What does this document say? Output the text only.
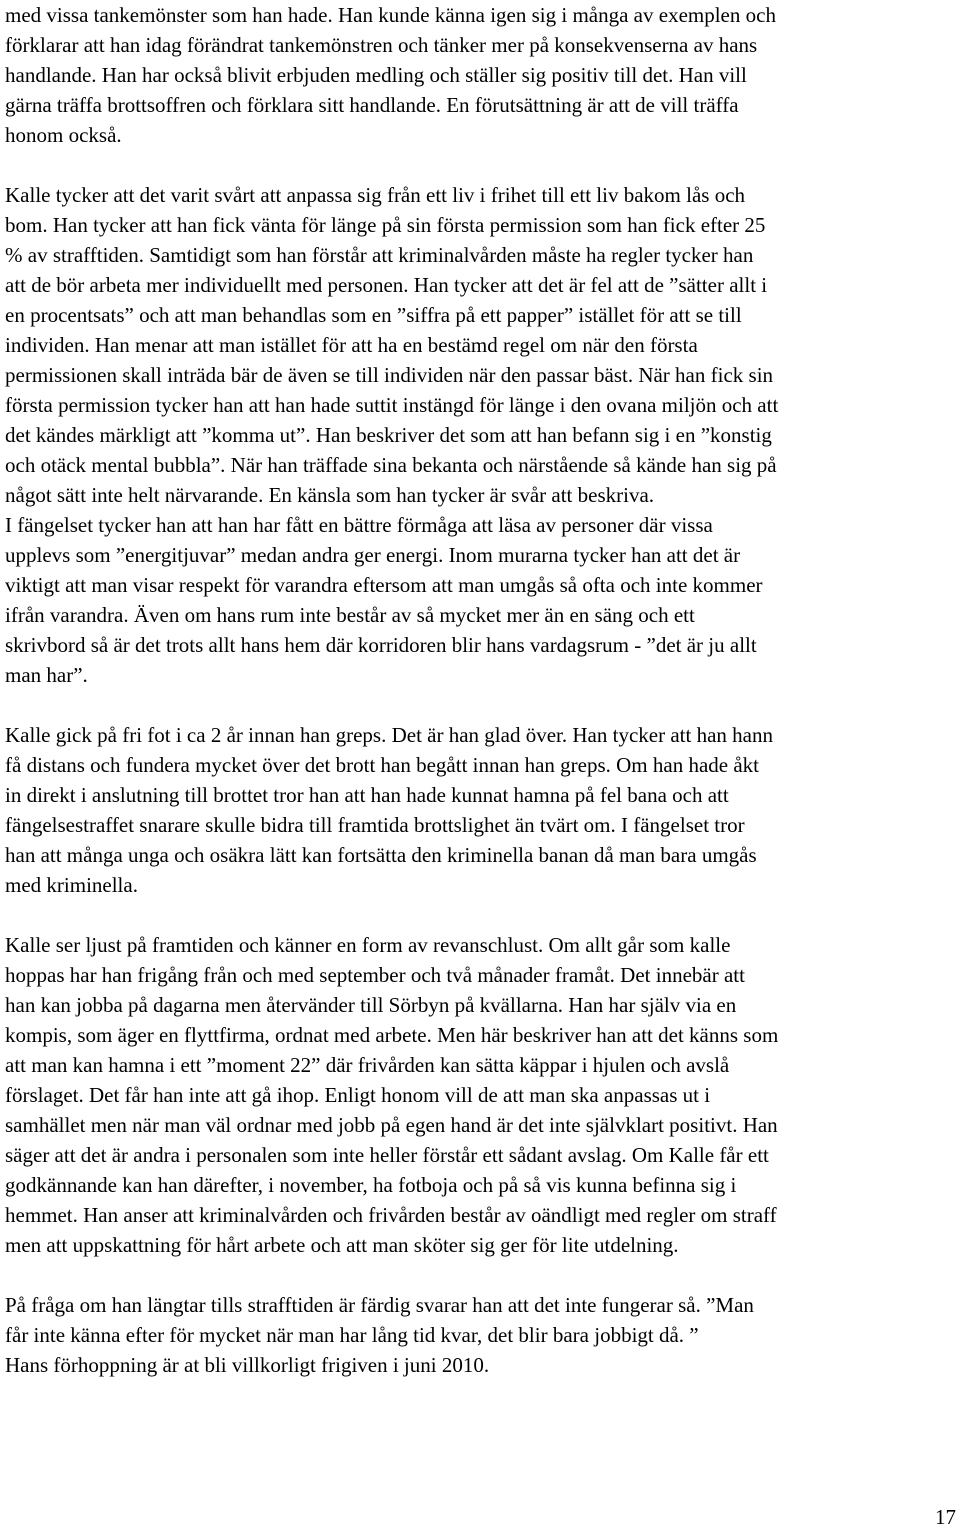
med vissa tankemönster som han hade. Han kunde känna igen sig i många av exemplen och
förklarar att han idag förändrat tankemönstren och tänker mer på konsekvenserna av hans
handlande. Han har också blivit erbjuden medling och ställer sig positiv till det. Han vill
gärna träffa brottsoffren och förklara sitt handlande. En förutsättning är att de vill träffa
honom också.
Kalle tycker att det varit svårt att anpassa sig från ett liv i frihet till ett liv bakom lås och
bom. Han tycker att han fick vänta för länge på sin första permission som han fick efter 25
% av strafftiden. Samtidigt som han förstår att kriminalvården måste ha regler tycker han
att de bör arbeta mer individuellt med personen. Han tycker att det är fel att de ”sätter allt i
en procentsats” och att man behandlas som en ”siffra på ett papper” istället för att se till
individen. Han menar att man istället för att ha en bestämd regel om när den första
permissionen skall inträda bär de även se till individen när den passar bäst. När han fick sin
första permission tycker han att han hade suttit instängd för länge i den ovana miljön och att
det kändes märkligt att ”komma ut”. Han beskriver det som att han befann sig i en ”konstig
och otäck mental bubbla”. När han träffade sina bekanta och närstående så kände han sig på
något sätt inte helt närvarande. En känsla som han tycker är svår att beskriva.
I fängelset tycker han att han har fått en bättre förmåga att läsa av personer där vissa
upplevs som ”energitjuvar” medan andra ger energi. Inom murarna tycker han att det är
viktigt att man visar respekt för varandra eftersom att man umgås så ofta och inte kommer
ifrån varandra. Även om hans rum inte består av så mycket mer än en säng och ett
skrivbord så är det trots allt hans hem där korridoren blir hans vardagsrum - ”det är ju allt
man har”.
Kalle gick på fri fot i ca 2 år innan han greps. Det är han glad över. Han tycker att han hann
få distans och fundera mycket över det brott han begått innan han greps. Om han hade åkt
in direkt i anslutning till brottet tror han att han hade kunnat hamna på fel bana och att
fängelsestraffet snarare skulle bidra till framtida brottslighet än tvärt om. I fängelset tror
han att många unga och osäkra lätt kan fortsätta den kriminella banan då man bara umgås
med kriminella.
Kalle ser ljust på framtiden och känner en form av revanschlust. Om allt går som kalle
hoppas har han frigång från och med september och två månader framåt. Det innebär att
han kan jobba på dagarna men återvänder till Sörbyn på kvällarna. Han har själv via en
kompis, som äger en flyttfirma, ordnat med arbete. Men här beskriver han att det känns som
att man kan hamna i ett ”moment 22” där frivården kan sätta käppar i hjulen och avslå
förslaget. Det får han inte att gå ihop. Enligt honom vill de att man ska anpassas ut i
samhället men när man väl ordnar med jobb på egen hand är det inte självklart positivt. Han
säger att det är andra i personalen som inte heller förstår ett sådant avslag. Om Kalle får ett
godkännande kan han därefter, i november, ha fotboja och på så vis kunna befinna sig i
hemmet. Han anser att kriminalvården och frivården består av oändligt med regler om straff
men att uppskattning för hårt arbete och att man sköter sig ger för lite utdelning.
På fråga om han längtar tills strafftiden är färdig svarar han att det inte fungerar så. ”Man
får inte känna efter för mycket när man har lång tid kvar, det blir bara jobbigt då. ”
Hans förhoppning är at bli villkorligt frigiven i juni 2010.
17
